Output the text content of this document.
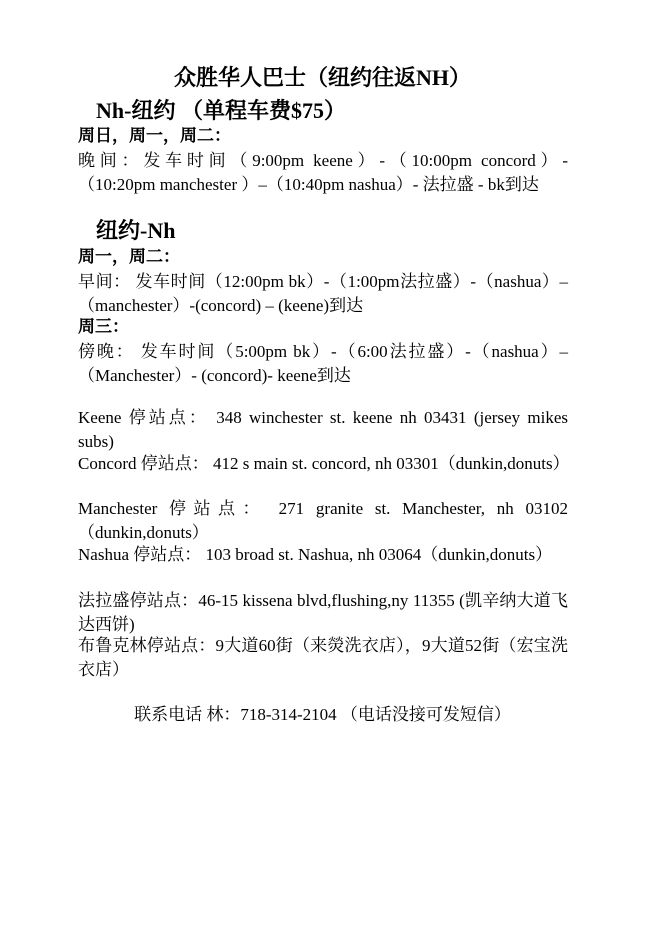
众胜华人巴士（纽约往返NH）
Nh-纽约 （单程车费$75）
周日，周一，周二：
晚间：发车时间（9:00pm keene）-（10:00pm concord）-（10:20pm manchester ）–（10:40pm nashua）- 法拉盛 - bk到达
纽约-Nh
周一，周二：
早间： 发车时间（12:00pm bk）-（1:00pm法拉盛）-（nashua）–（manchester）-(concord) – (keene)到达
周三：
傍晚： 发车时间（5:00pm bk）-（6:00法拉盛）-（nashua）–（Manchester）- (concord)- keene到达
Keene 停站点： 348 winchester st. keene nh 03431 (jersey mikes subs)
Concord 停站点： 412 s main st. concord, nh 03301（dunkin,donuts）
Manchester 停站点： 271 granite st. Manchester, nh 03102（dunkin,donuts）
Nashua 停站点： 103 broad st. Nashua, nh 03064（dunkin,donuts）
法拉盛停站点：46-15 kissena blvd,flushing,ny 11355 (凯辛纳大道飞达西饼)
布鲁克林停站点：9大道60街（来熒洗衣店），9大道52街（宏宝洗衣店）
联系电话 林：718-314-2104 （电话没接可发短信）
